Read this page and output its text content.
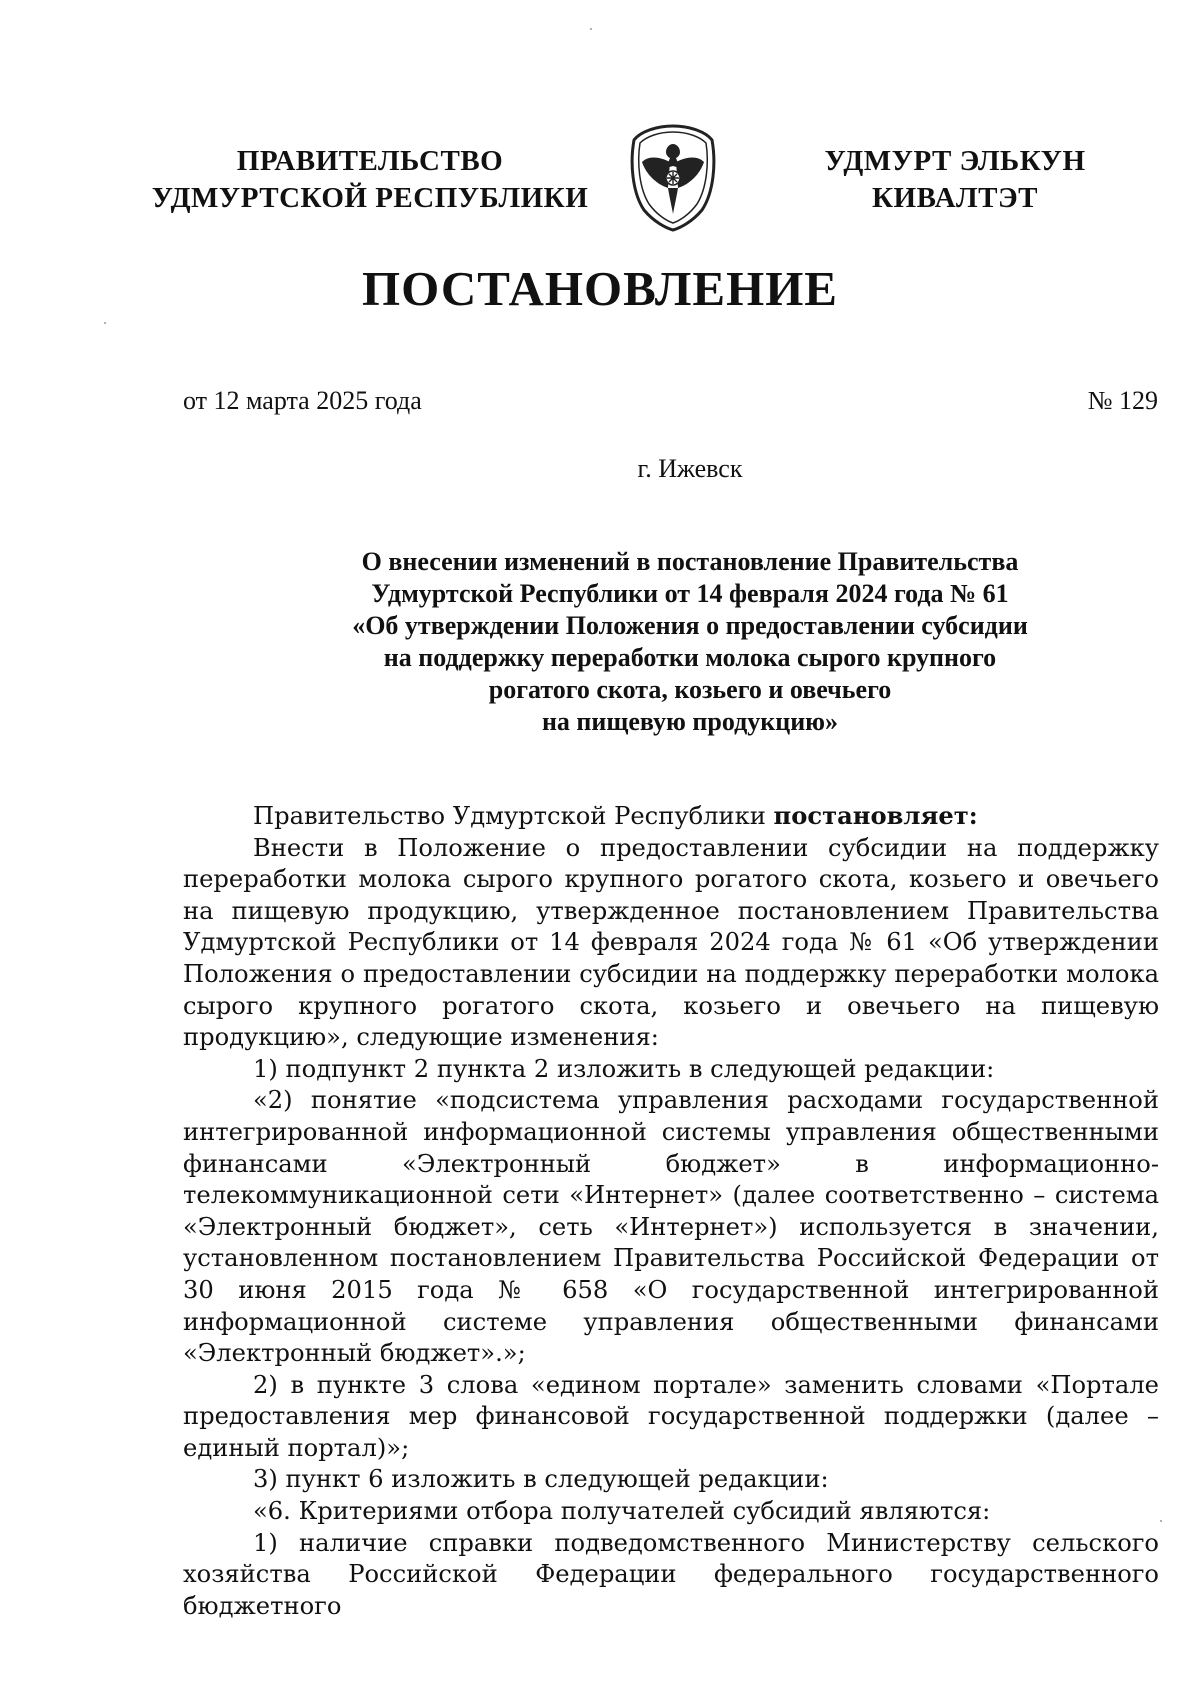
ПРАВИТЕЛЬСТВО
УДМУРТСКОЙ РЕСПУБЛИКИ
УДМУРТ ЭЛЬКУН
КИВАЛТЭТ
ПОСТАНОВЛЕНИЕ
от 12 марта 2025 года	№ 129
г. Ижевск
О внесении изменений в постановление Правительства
Удмуртской Республики от 14 февраля 2024 года № 61
«Об утверждении Положения о предоставлении субсидии
на поддержку переработки молока сырого крупного
рогатого скота, козьего и овечьего
на пищевую продукцию»

Правительство Удмуртской Республики постановляет:

Внести в Положение о предоставлении субсидии на поддержку переработки молока сырого крупного рогатого скота, козьего и овечьего на пищевую продукцию, утвержденное постановлением Правительства Удмуртской Республики от 14 февраля 2024 года № 61 «Об утверждении Положения о предоставлении субсидии на поддержку переработки молока сырого крупного рогатого скота, козьего и овечьего на пищевую продукцию», следующие изменения:

1) подпункт 2 пункта 2 изложить в следующей редакции:

«2) понятие «подсистема управления расходами государственной интегрированной информационной системы управления общественными финансами «Электронный бюджет» в информационно-телекоммуникационной сети «Интернет» (далее соответственно – система «Электронный бюджет», сеть «Интернет») используется в значении, установленном постановлением Правительства Российской Федерации от 30 июня 2015 года № 658 «О государственной интегрированной информационной системе управления общественными финансами «Электронный бюджет».»;

2) в пункте 3 слова «едином портале» заменить словами «Портале предоставления мер финансовой государственной поддержки (далее – единый портал)»;

3) пункт 6 изложить в следующей редакции:

«6. Критериями отбора получателей субсидий являются:

1) наличие справки подведомственного Министерству сельского хозяйства Российской Федерации федерального государственного бюджетного
